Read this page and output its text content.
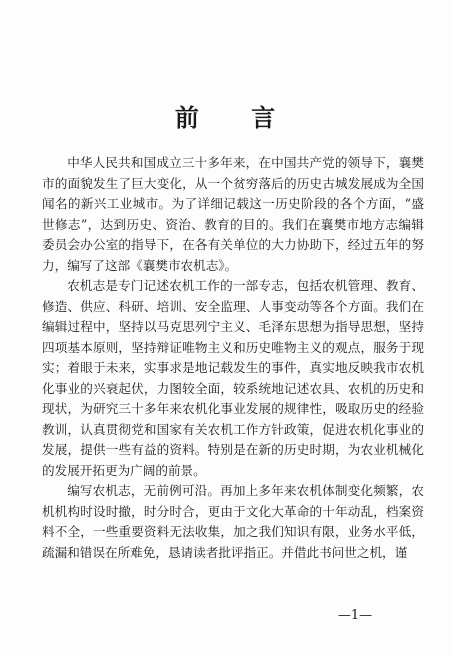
前 言

中华人民共和国成立三十多年来，在中国共产党的领导下，襄樊市的面貌发生了巨大变化，从一个贫穷落后的历史古城发展成为全国闻名的新兴工业城市。为了详细记载这一历史阶段的各个方面，“盛世修志”，达到历史、资治、教育的目的。我们在襄樊市地方志编辑委员会办公室的指导下，在各有关单位的大力协助下，经过五年的努力，编写了这部《襄樊市农机志》。

农机志是专门记述农机工作的一部专志，包括农机管理、教育、修造、供应、科研、培训、安全监理、人事变动等各个方面。我们在编辑过程中，坚持以马克思列宁主义、毛泽东思想为指导思想，坚持四项基本原则，坚持辩证唯物主义和历史唯物主义的观点，服务于现实；着眼于未来，实事求是地记载发生的事件，真实地反映我市农机化事业的兴衰起伏，力图较全面，较系统地记述农具、农机的历史和现状，为研究三十多年来农机化事业发展的规律性，吸取历史的经验教训，认真贯彻党和国家有关农机工作方针政策，促进农机化事业的发展，提供一些有益的资料。特别是在新的历史时期，为农业机械化的发展开拓更为广阔的前景。

编写农机志，无前例可沿。再加上多年来农机体制变化频繁，农机机构时设时撤，时分时合，更由于文化大革命的十年动乱，档案资料不全，一些重要资料无法收集，加之我们知识有限，业务水平低，疏漏和错误在所难免，恳请读者批评指正。并借此书问世之机，谨

—1—
